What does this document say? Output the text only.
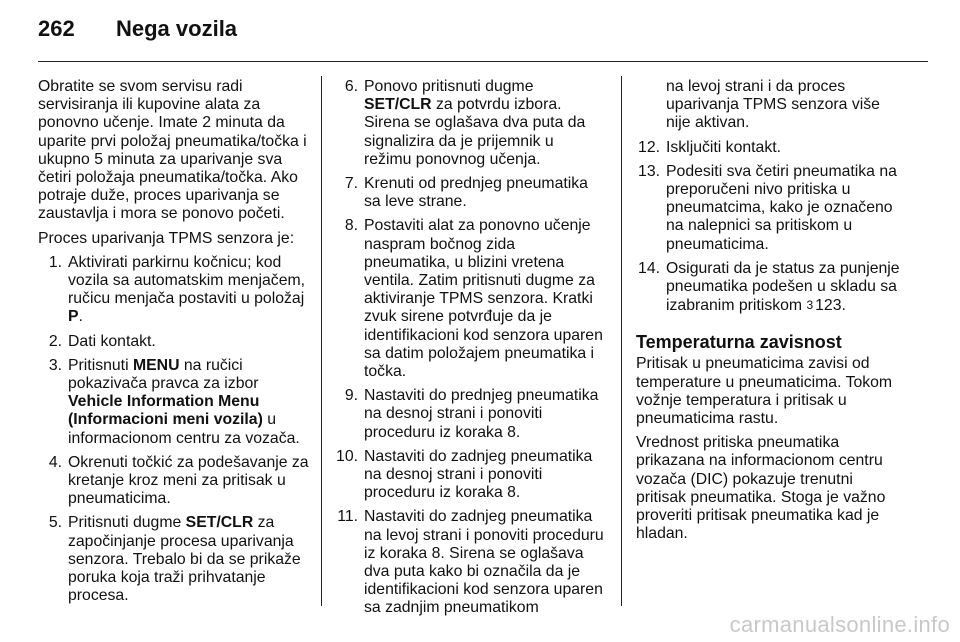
262	Nega vozila

Obratite se svom servisu radi servisiranja ili kupovine alata za ponovno učenje. Imate 2 minuta da uparite prvi položaj pneumatika/točka i ukupno 5 minuta za uparivanje sva četiri položaja pneumatika/točka. Ako potraje duže, proces uparivanja se zaustavlja i mora se ponovo početi.

Proces uparivanja TPMS senzora je:

1. Aktivirati parkirnu kočnicu; kod vozila sa automatskim menjačem, ručicu menjača postaviti u položaj P.
2. Dati kontakt.
3. Pritisnuti MENU na ručici pokazivača pravca za izbor Vehicle Information Menu (Informacioni meni vozila) u informacionom centru za vozača.
4. Okrenuti točkić za podešavanje za kretanje kroz meni za pritisak u pneumaticima.
5. Pritisnuti dugme SET/CLR za započinjanje procesa uparivanja senzora. Trebalo bi da se prikaže poruka koja traži prihvatanje procesa.
6. Ponovo pritisnuti dugme SET/CLR za potvrdu izbora. Sirena se oglašava dva puta da signalizira da je prijemnik u režimu ponovnog učenja.
7. Krenuti od prednjeg pneumatika sa leve strane.
8. Postaviti alat za ponovno učenje naspram bočnog zida pneumatika, u blizini vretena ventila. Zatim pritisnuti dugme za aktiviranje TPMS senzora. Kratki zvuk sirene potvrđuje da je identifikacioni kod senzora uparen sa datim položajem pneumatika i točka.
9. Nastaviti do prednjeg pneumatika na desnoj strani i ponoviti proceduru iz koraka 8.
10. Nastaviti do zadnjeg pneumatika na desnoj strani i ponoviti proceduru iz koraka 8.
11. Nastaviti do zadnjeg pneumatika na levoj strani i ponoviti proceduru iz koraka 8. Sirena se oglašava dva puta kako bi označila da je identifikacioni kod senzora uparen sa zadnjim pneumatikom

na levoj strani i da proces uparivanja TPMS senzora više nije aktivan.

12. Isključiti kontakt.
13. Podesiti sva četiri pneumatika na preporučeni nivo pritiska u pneumatcima, kako je označeno na nalepnici sa pritiskom u pneumaticima.
14. Osigurati da je status za punjenje pneumatika podešen u skladu sa izabranim pritiskom 3 123.
Temperaturna zavisnost

Pritisak u pneumaticima zavisi od temperature u pneumaticima. Tokom vožnje temperatura i pritisak u pneumaticima rastu.

Vrednost pritiska pneumatika prikazana na informacionom centru vozača (DIC) pokazuje trenutni pritisak pneumatika. Stoga je važno proveriti pritisak pneumatika kad je hladan.

carmanualsonline.info
